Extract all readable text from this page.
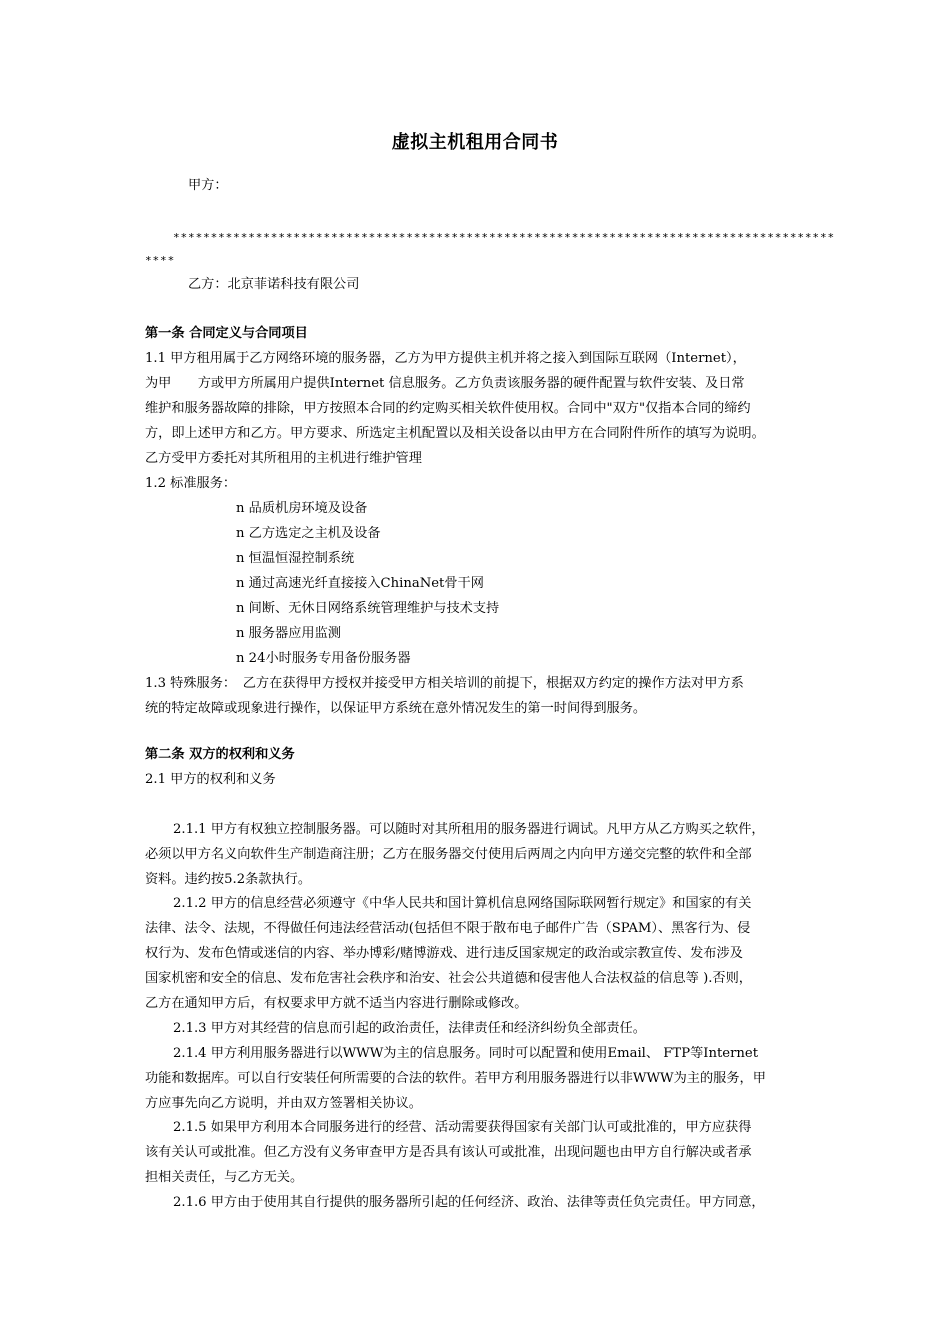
虚拟主机租用合同书
甲方：
****************************************************************************************
****
乙方：北京菲诺科技有限公司
第一条 合同定义与合同项目
1.1 甲方租用属于乙方网络环境的服务器，乙方为甲方提供主机并将之接入到国际互联网（Internet），
为甲　　方或甲方所属用户提供Internet 信息服务。乙方负责该服务器的硬件配置与软件安装、及日常
维护和服务器故障的排除，甲方按照本合同的约定购买相关软件使用权。合同中"双方"仅指本合同的缔约
方，即上述甲方和乙方。甲方要求、所选定主机配置以及相关设备以由甲方在合同附件所作的填写为说明。
乙方受甲方委托对其所租用的主机进行维护管理
1.2 标准服务：
n 品质机房环境及设备
n 乙方选定之主机及设备
n 恒温恒湿控制系统
n 通过高速光纤直接接入ChinaNet骨干网
n 间断、无休日网络系统管理维护与技术支持
n 服务器应用监测
n 24小时服务专用备份服务器
1.3 特殊服务：　乙方在获得甲方授权并接受甲方相关培训的前提下，根据双方约定的操作方法对甲方系
统的特定故障或现象进行操作，以保证甲方系统在意外情况发生的第一时间得到服务。
第二条 双方的权利和义务
2.1 甲方的权利和义务
2.1.1 甲方有权独立控制服务器。可以随时对其所租用的服务器进行调试。凡甲方从乙方购买之软件，
必须以甲方名义向软件生产制造商注册；乙方在服务器交付使用后两周之内向甲方递交完整的软件和全部
资料。违约按5.2条款执行。
2.1.2 甲方的信息经营必须遵守《中华人民共和国计算机信息网络国际联网暂行规定》和国家的有关
法律、法令、法规，不得做任何违法经营活动(包括但不限于散布电子邮件广告（SPAM）、黑客行为、侵
权行为、发布色情或迷信的内容、举办博彩/赌博游戏、进行违反国家规定的政治或宗教宣传、发布涉及
国家机密和安全的信息、发布危害社会秩序和治安、社会公共道德和侵害他人合法权益的信息等 ).否则，
乙方在通知甲方后，有权要求甲方就不适当内容进行删除或修改。
2.1.3 甲方对其经营的信息而引起的政治责任，法律责任和经济纠纷负全部责任。
2.1.4 甲方利用服务器进行以WWW为主的信息服务。同时可以配置和使用Email、 FTP等Internet
功能和数据库。可以自行安装任何所需要的合法的软件。若甲方利用服务器进行以非WWW为主的服务，甲
方应事先向乙方说明，并由双方签署相关协议。
2.1.5 如果甲方利用本合同服务进行的经营、活动需要获得国家有关部门认可或批准的，甲方应获得
该有关认可或批准。但乙方没有义务审查甲方是否具有该认可或批准，出现问题也由甲方自行解决或者承
担相关责任，与乙方无关。
2.1.6 甲方由于使用其自行提供的服务器所引起的任何经济、政治、法律等责任负完责任。甲方同意，
